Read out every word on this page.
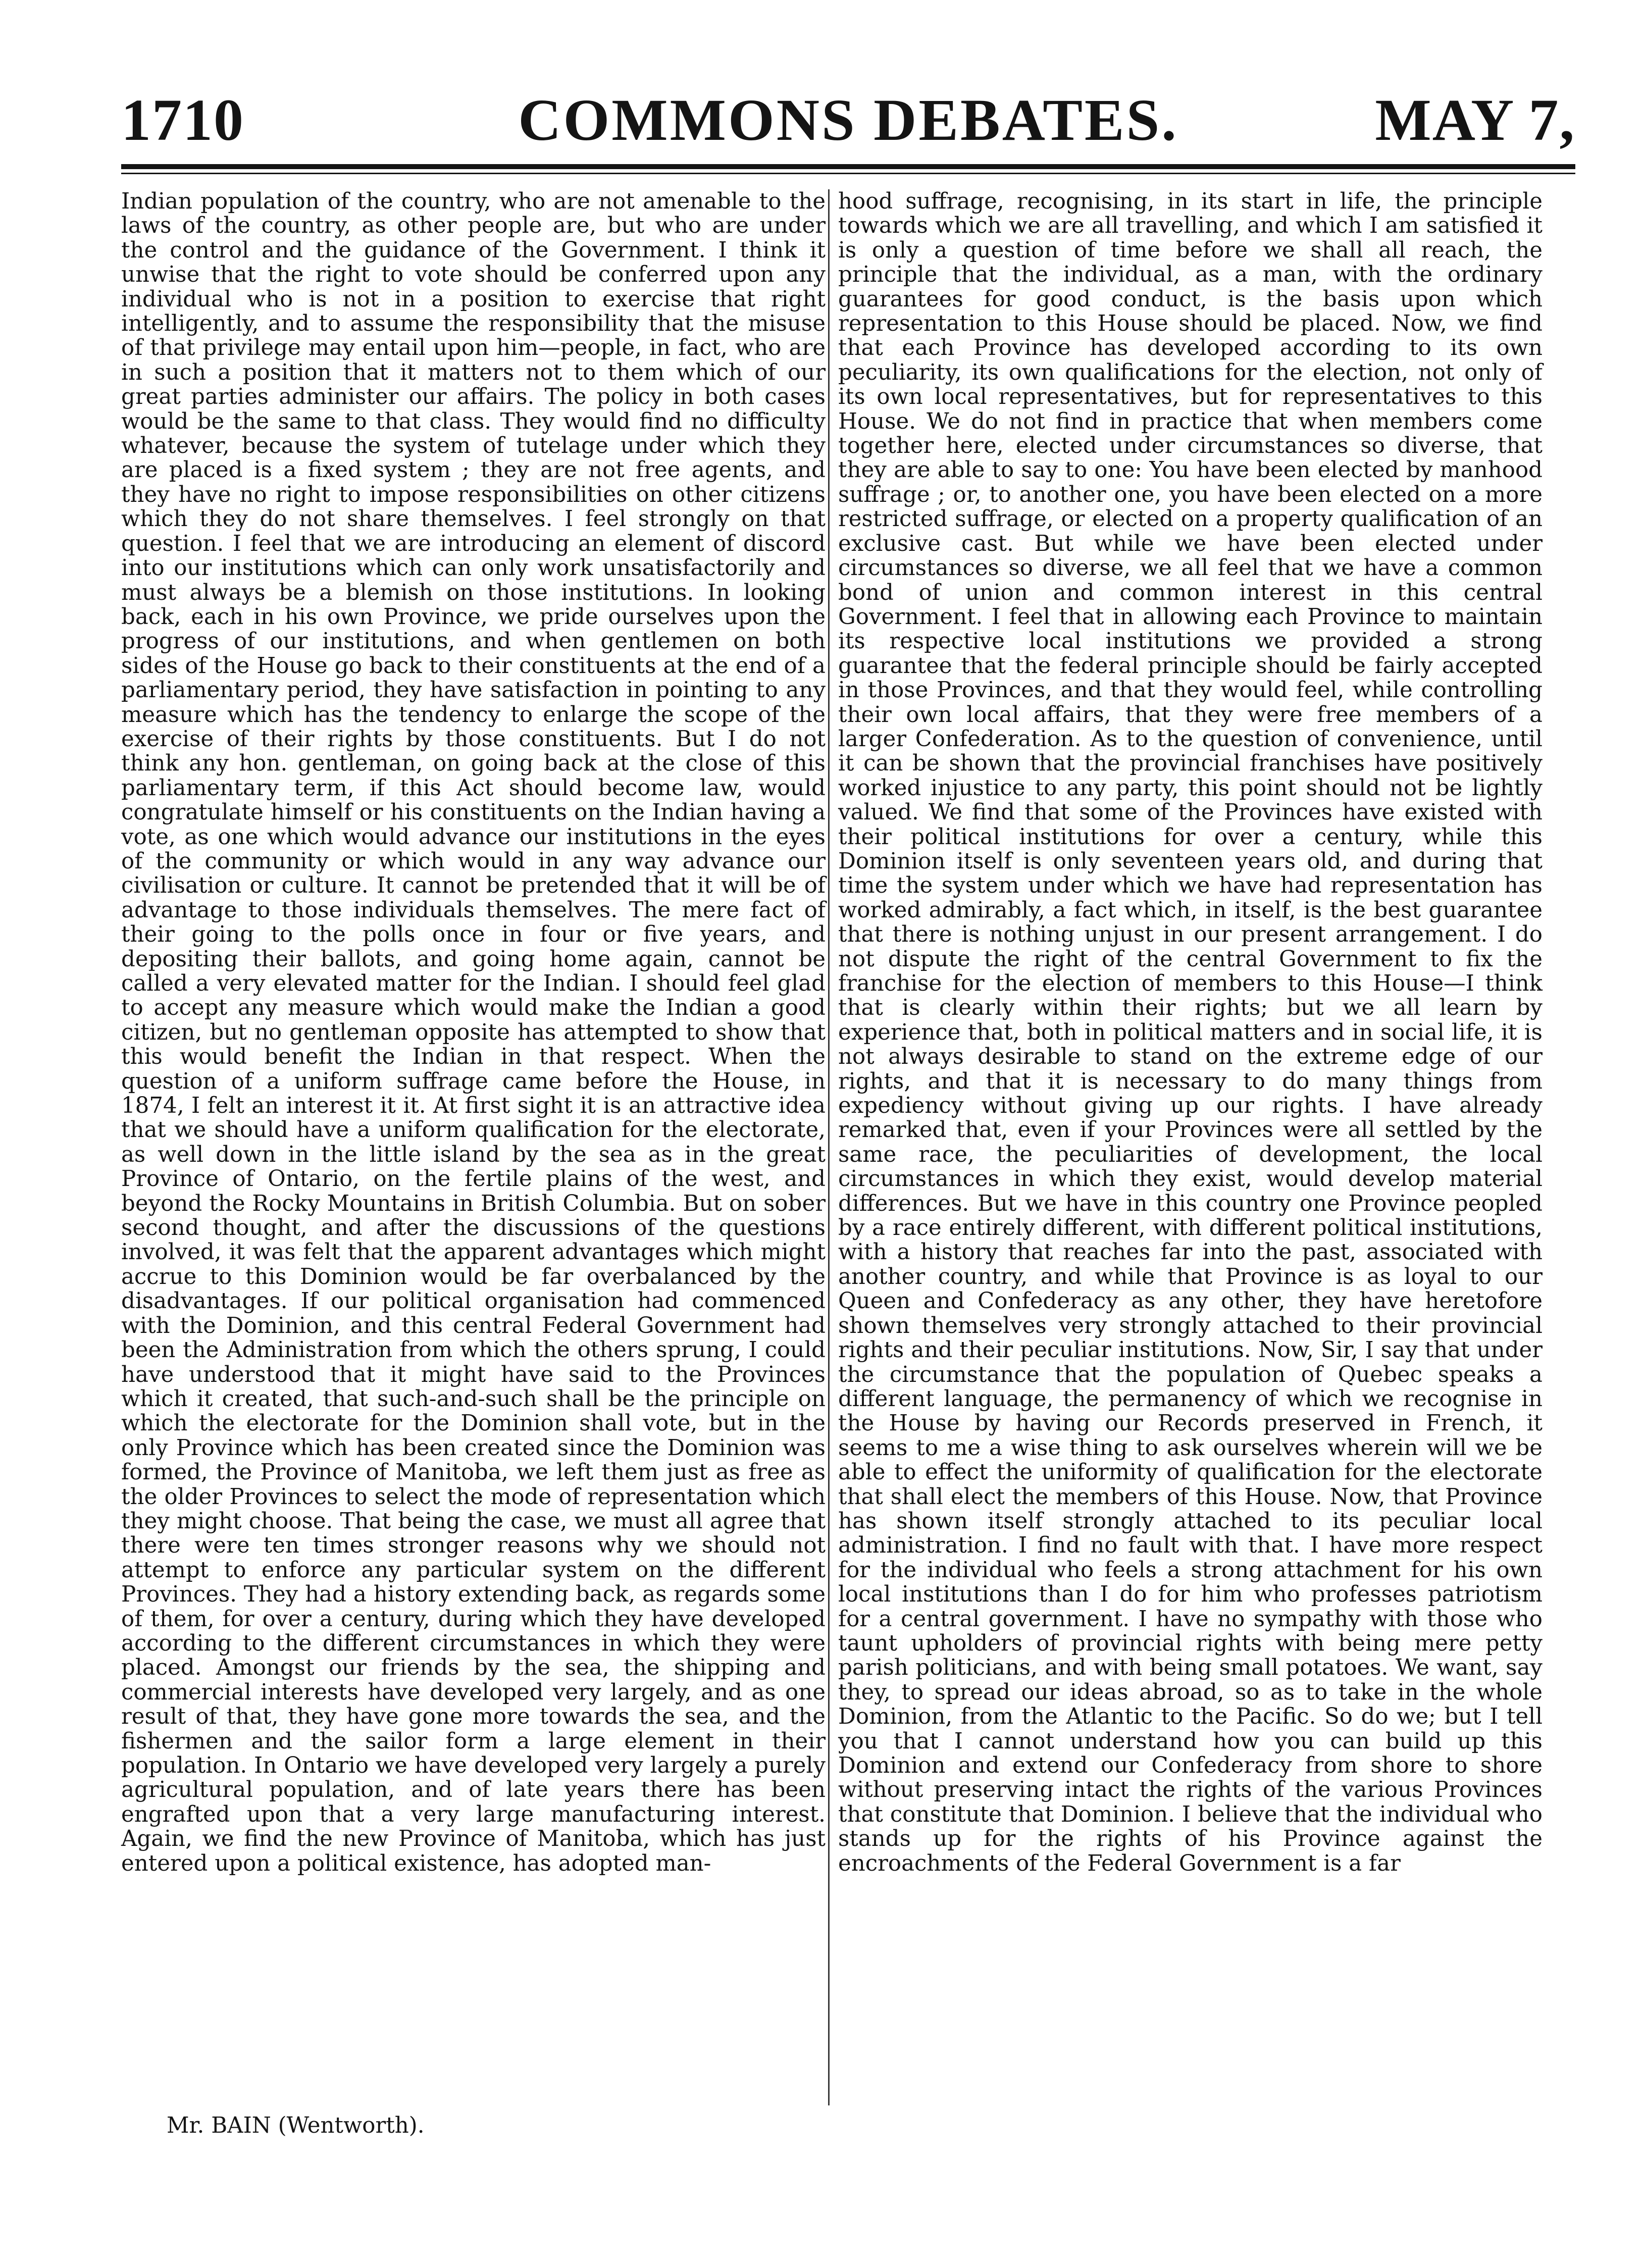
1710	COMMONS DEBATES.	MAY 7,

Indian population of the country, who are not amenable to the laws of the country, as other people are, but who are under the control and the guidance of the Government. I think it unwise that the right to vote should be conferred upon any individual who is not in a position to exercise that right intelligently, and to assume the responsibility that the misuse of that privilege may entail upon him—people, in fact, who are in such a position that it matters not to them which of our great parties administer our affairs. The policy in both cases would be the same to that class. They would find no difficulty whatever, because the system of tutelage under which they are placed is a fixed system ; they are not free agents, and they have no right to impose responsibilities on other citizens which they do not share themselves. I feel strongly on that question. I feel that we are introducing an element of discord into our institutions which can only work unsatisfactorily and must always be a blemish on those institutions. In looking back, each in his own Province, we pride ourselves upon the progress of our institutions, and when gentlemen on both sides of the House go back to their constituents at the end of a parliamentary period, they have satisfaction in pointing to any measure which has the tendency to enlarge the scope of the exercise of their rights by those constituents. But I do not think any hon. gentleman, on going back at the close of this parliamentary term, if this Act should become law, would congratulate himself or his constituents on the Indian having a vote, as one which would advance our institutions in the eyes of the community or which would in any way advance our civilisation or culture. It cannot be pretended that it will be of advantage to those individuals themselves. The mere fact of their going to the polls once in four or five years, and depositing their ballots, and going home again, cannot be called a very elevated matter for the Indian. I should feel glad to accept any measure which would make the Indian a good citizen, but no gentleman opposite has attempted to show that this would benefit the Indian in that respect. When the question of a uniform suffrage came before the House, in 1874, I felt an interest it it. At first sight it is an attractive idea that we should have a uniform qualification for the electorate, as well down in the little island by the sea as in the great Province of Ontario, on the fertile plains of the west, and beyond the Rocky Mountains in British Columbia. But on sober second thought, and after the discussions of the questions involved, it was felt that the apparent advantages which might accrue to this Dominion would be far overbalanced by the disadvantages. If our political organisation had commenced with the Dominion, and this central Federal Government had been the Administration from which the others sprung, I could have understood that it might have said to the Provinces which it created, that such-and-such shall be the principle on which the electorate for the Dominion shall vote, but in the only Province which has been created since the Dominion was formed, the Province of Manitoba, we left them just as free as the older Provinces to select the mode of representation which they might choose. That being the case, we must all agree that there were ten times stronger reasons why we should not attempt to enforce any particular system on the different Provinces. They had a history extending back, as regards some of them, for over a century, during which they have developed according to the different circumstances in which they were placed. Amongst our friends by the sea, the shipping and commercial interests have developed very largely, and as one result of that, they have gone more towards the sea, and the fishermen and the sailor form a large element in their population. In Ontario we have developed very largely a purely agricultural population, and of late years there has been engrafted upon that a very large manufacturing interest. Again, we find the new Province of Manitoba, which has just entered upon a political existence, has adopted man-

hood suffrage, recognising, in its start in life, the principle towards which we are all travelling, and which I am satisfied it is only a question of time before we shall all reach, the principle that the individual, as a man, with the ordinary guarantees for good conduct, is the basis upon which representation to this House should be placed. Now, we find that each Province has developed according to its own peculiarity, its own qualifications for the election, not only of its own local representatives, but for representatives to this House. We do not find in practice that when members come together here, elected under circumstances so diverse, that they are able to say to one: You have been elected by manhood suffrage ; or, to another one, you have been elected on a more restricted suffrage, or elected on a property qualification of an exclusive cast. But while we have been elected under circumstances so diverse, we all feel that we have a common bond of union and common interest in this central Government. I feel that in allowing each Province to maintain its respective local institutions we provided a strong guarantee that the federal principle should be fairly accepted in those Provinces, and that they would feel, while controlling their own local affairs, that they were free members of a larger Confederation. As to the question of convenience, until it can be shown that the provincial franchises have positively worked injustice to any party, this point should not be lightly valued. We find that some of the Provinces have existed with their political institutions for over a century, while this Dominion itself is only seventeen years old, and during that time the system under which we have had representation has worked admirably, a fact which, in itself, is the best guarantee that there is nothing unjust in our present arrangement. I do not dispute the right of the central Government to fix the franchise for the election of members to this House—I think that is clearly within their rights; but we all learn by experience that, both in political matters and in social life, it is not always desirable to stand on the extreme edge of our rights, and that it is necessary to do many things from expediency without giving up our rights. I have already remarked that, even if your Provinces were all settled by the same race, the peculiarities of development, the local circumstances in which they exist, would develop material differences. But we have in this country one Province peopled by a race entirely different, with different political institutions, with a history that reaches far into the past, associated with another country, and while that Province is as loyal to our Queen and Confederacy as any other, they have heretofore shown themselves very strongly attached to their provincial rights and their peculiar institutions. Now, Sir, I say that under the circumstance that the population of Quebec speaks a different language, the permanency of which we recognise in the House by having our Records preserved in French, it seems to me a wise thing to ask ourselves wherein will we be able to effect the uniformity of qualification for the electorate that shall elect the members of this House. Now, that Province has shown itself strongly attached to its peculiar local administration. I find no fault with that. I have more respect for the individual who feels a strong attachment for his own local institutions than I do for him who professes patriotism for a central government. I have no sympathy with those who taunt upholders of provincial rights with being mere petty parish politicians, and with being small potatoes. We want, say they, to spread our ideas abroad, so as to take in the whole Dominion, from the Atlantic to the Pacific. So do we; but I tell you that I cannot understand how you can build up this Dominion and extend our Confederacy from shore to shore without preserving intact the rights of the various Provinces that constitute that Dominion. I believe that the individual who stands up for the rights of his Province against the encroachments of the Federal Government is a far

Mr. BAIN (Wentworth).
